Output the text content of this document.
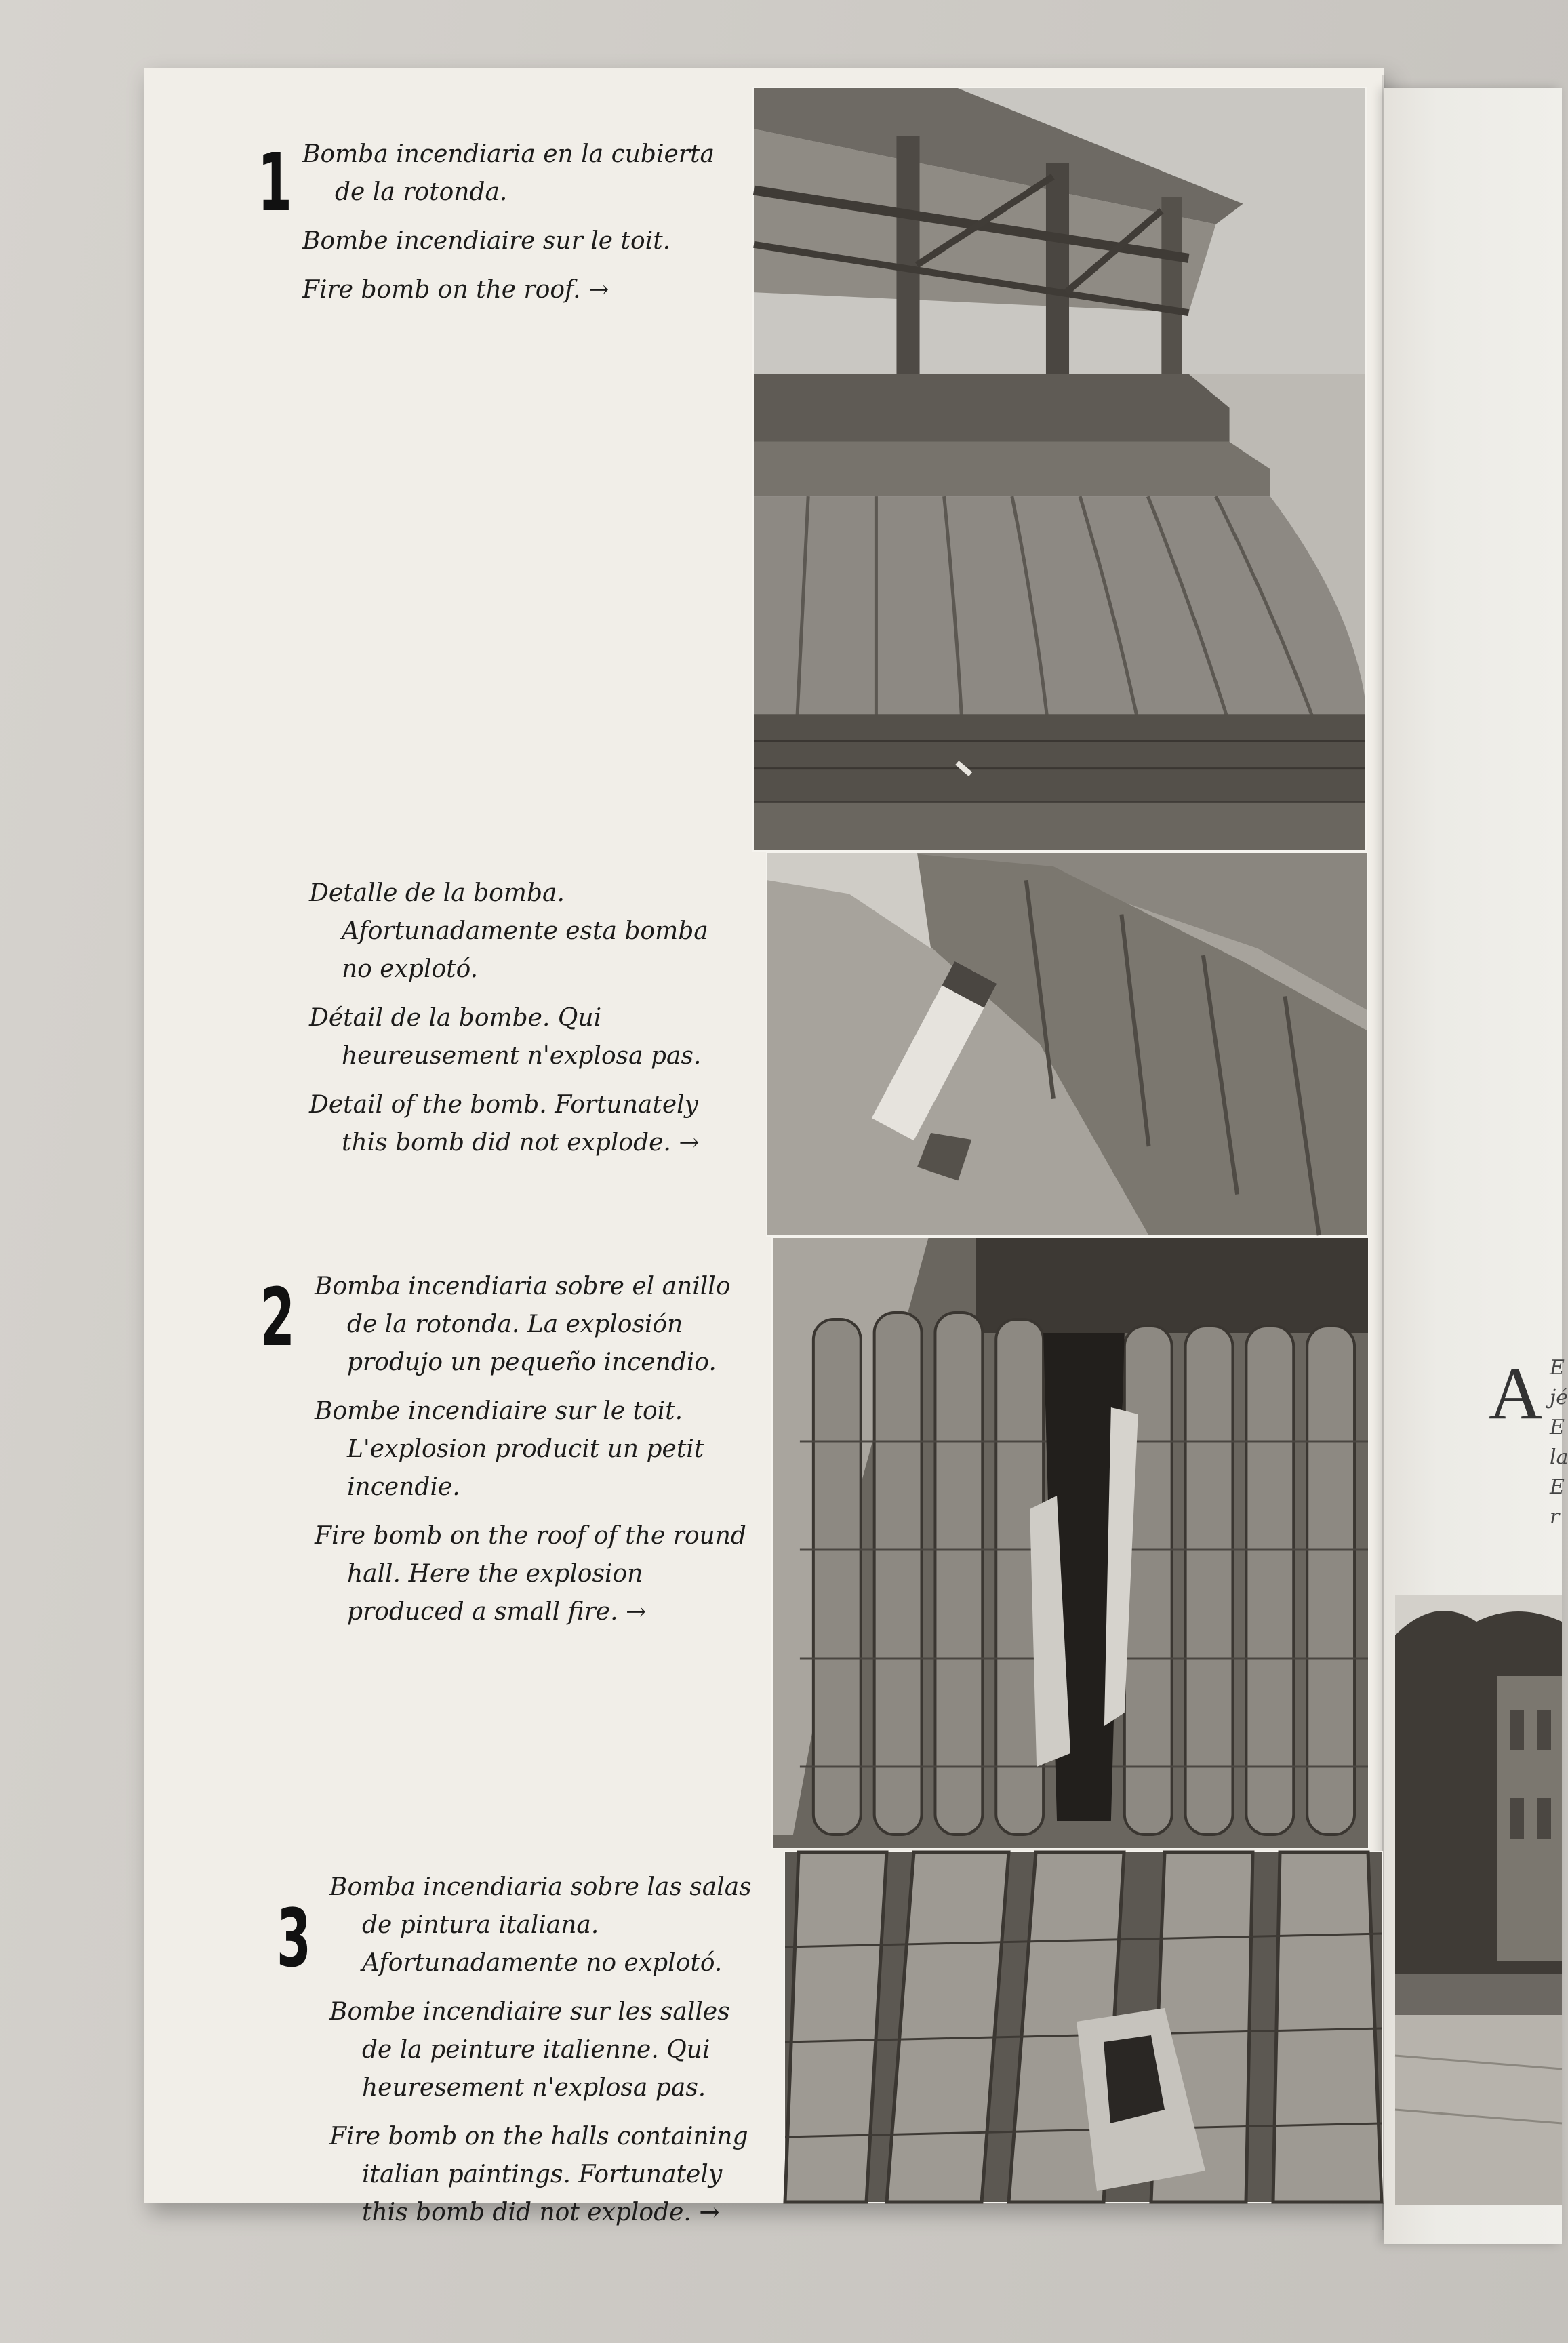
1 Bomba incendiaria en la cubierta de la rotonda.

Bombe incendiaire sur le toit.

Fire bomb on the roof. →

Detalle de la bomba. Afortunadamente esta bomba no explotó.

Détail de la bombe. Qui heureusement n'explosa pas.

Detail of the bomb. Fortunately this bomb did not explode. →

2 Bomba incendiaria sobre el anillo de la rotonda. La explosión produjo un pequeño incendio.

Bombe incendiaire sur le toit. L'explosion producit un petit incendie.

Fire bomb on the roof of the round hall. Here the explosion produced a small fire. →

3

Bomba incendiaria sobre las salas de pintura italiana. Afortunadamente no explotó.

Bombe incendiaire sur les salles de la peinture italienne. Qui heuresement n'explosa pas.

Fire bomb on the halls containing italian paintings. Fortunately this bomb did not explode. →

A E
jé
E
la
E
r
